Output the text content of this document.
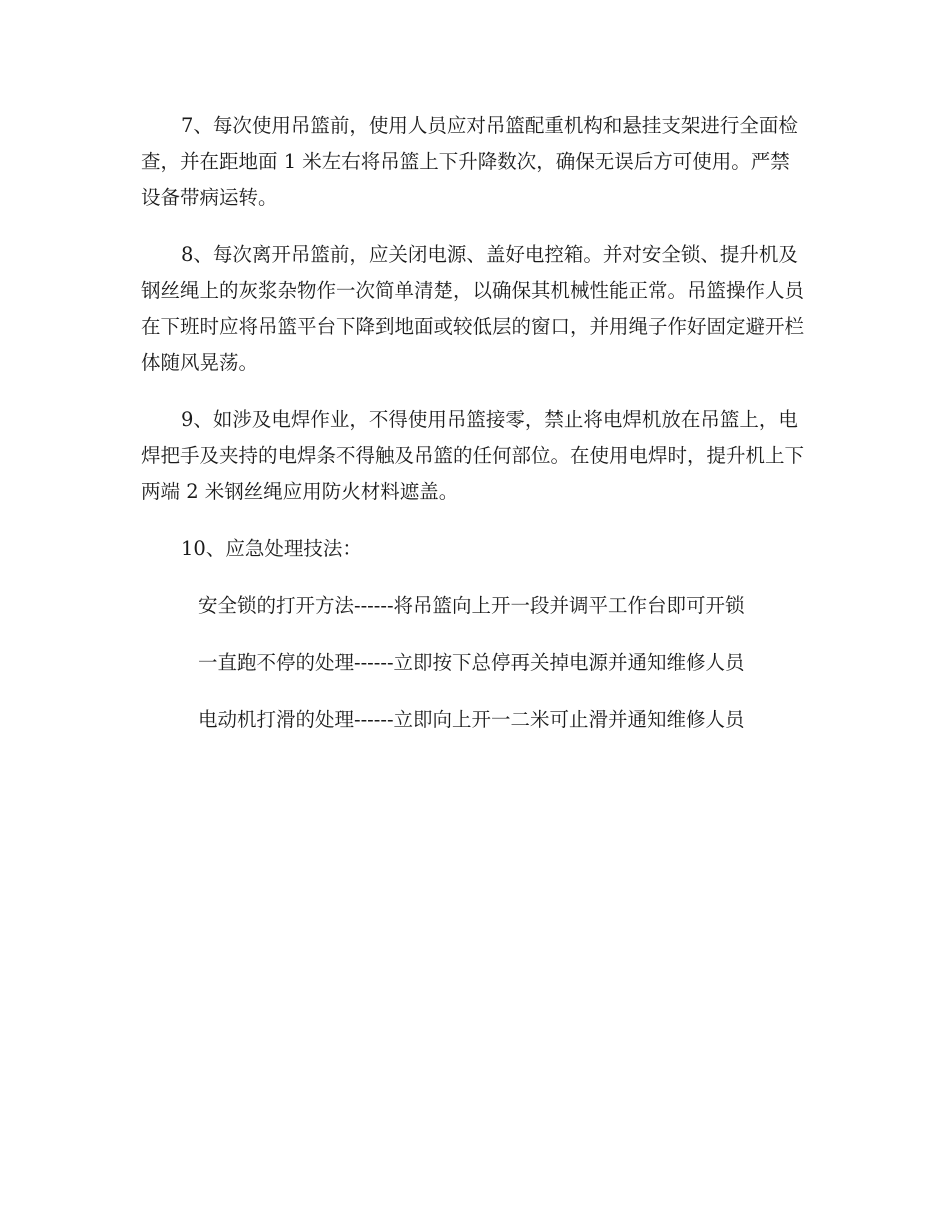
7、每次使用吊篮前，使用人员应对吊篮配重机构和悬挂支架进行全面检查，并在距地面 1 米左右将吊篮上下升降数次，确保无误后方可使用。严禁设备带病运转。

8、每次离开吊篮前，应关闭电源、盖好电控箱。并对安全锁、提升机及钢丝绳上的灰浆杂物作一次简单清楚，以确保其机械性能正常。吊篮操作人员在下班时应将吊篮平台下降到地面或较低层的窗口，并用绳子作好固定避开栏体随风晃荡。

9、如涉及电焊作业，不得使用吊篮接零，禁止将电焊机放在吊篮上，电焊把手及夹持的电焊条不得触及吊篮的任何部位。在使用电焊时，提升机上下两端 2 米钢丝绳应用防火材料遮盖。

10、应急处理技法：

安全锁的打开方法------将吊篮向上开一段并调平工作台即可开锁

一直跑不停的处理------立即按下总停再关掉电源并通知维修人员

电动机打滑的处理------立即向上开一二米可止滑并通知维修人员
